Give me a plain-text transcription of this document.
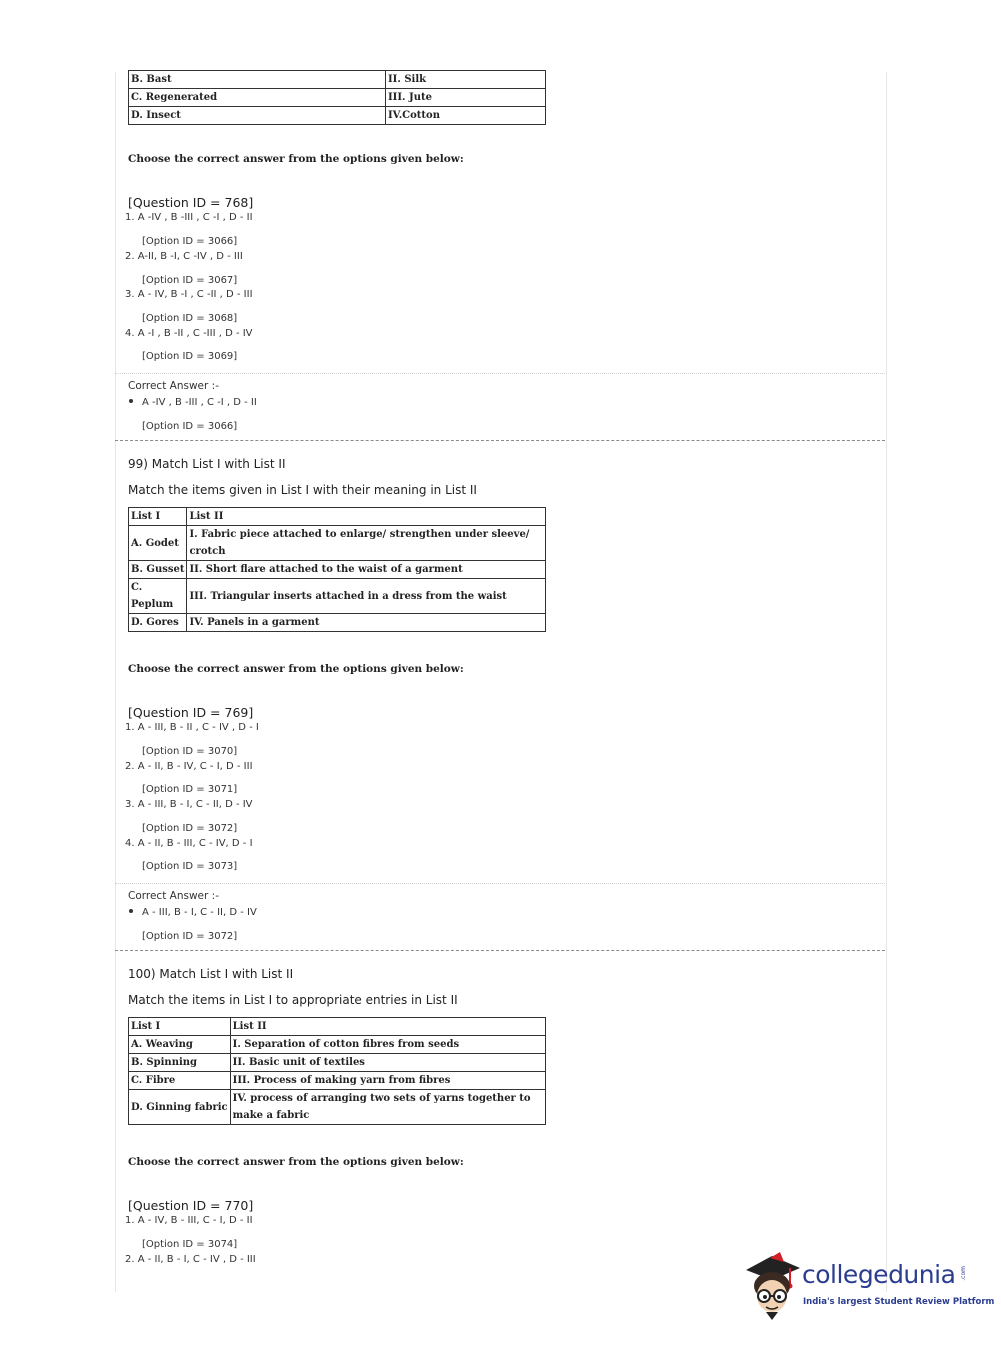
B. Bast	II. Silk
C. Regenerated	III. Jute
D. Insect	IV.Cotton
Choose the correct answer from the options given below:
[Question ID = 768]
1. A -IV , B -III , C -I , D - II
[Option ID = 3066]
2. A-II, B -I, C -IV , D - III
[Option ID = 3067]
3. A - IV, B -I , C -II , D - III
[Option ID = 3068]
4. A -I , B -II , C -III , D - IV
[Option ID = 3069]
Correct Answer :-
A -IV , B -III , C -I , D - II
[Option ID = 3066]
99) Match List I with List II
Match the items given in List I with their meaning in List II
List I	List II
A. Godet	I. Fabric piece attached to enlarge/ strengthen under sleeve/ crotch
B. Gusset	II. Short flare attached to the waist of a garment
C. Peplum	III. Triangular inserts attached in a dress from the waist
D. Gores	IV. Panels in a garment
Choose the correct answer from the options given below:
[Question ID = 769]
1. A - III, B - II , C - IV , D - I
[Option ID = 3070]
2. A - II, B - IV, C - I, D - III
[Option ID = 3071]
3. A - III, B - I, C - II, D - IV
[Option ID = 3072]
4. A - II, B - III, C - IV, D - I
[Option ID = 3073]
Correct Answer :-
A - III, B - I, C - II, D - IV
[Option ID = 3072]
100) Match List I with List II
Match the items in List I to appropriate entries in List II
List I	List II
A. Weaving	I. Separation of cotton fibres from seeds
B. Spinning	II. Basic unit of textiles
C. Fibre	III. Process of making yarn from fibres
D. Ginning fabric	IV. process of arranging two sets of yarns together to make a fabric
Choose the correct answer from the options given below:
[Question ID = 770]
1. A - IV, B - III, C - I, D - II
[Option ID = 3074]
2. A - II, B - I, C - IV , D - III
collegedunia .com
India's largest Student Review Platform
